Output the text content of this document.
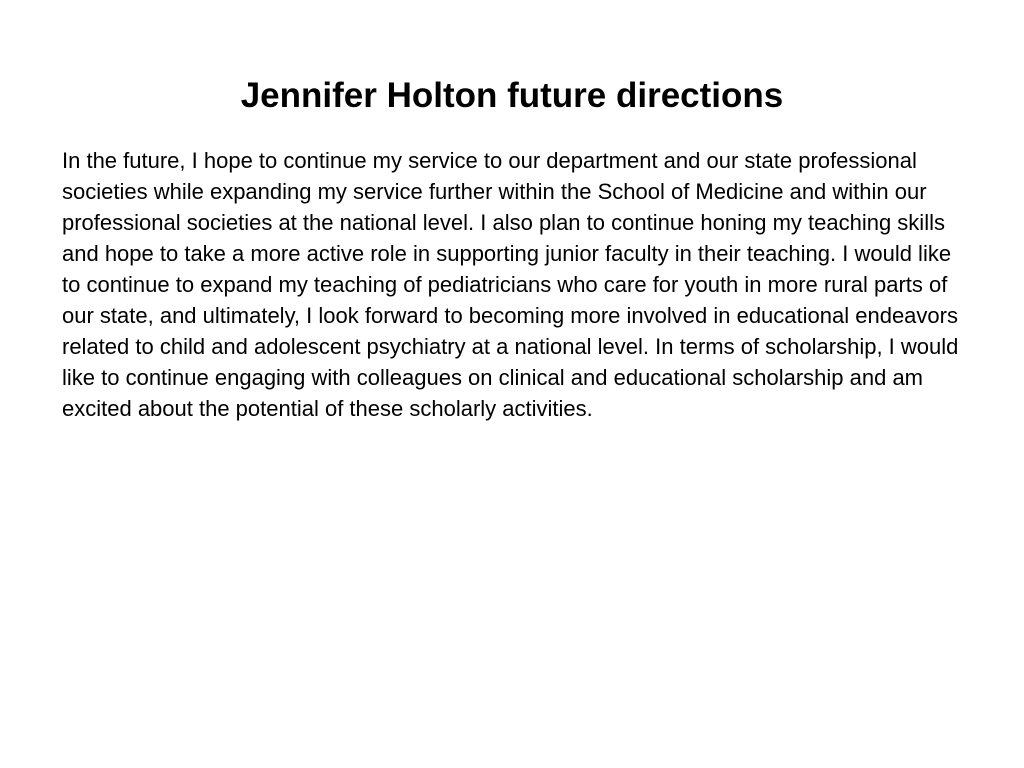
Jennifer Holton future directions

In the future, I hope to continue my service to our department and our state professional societies while expanding my service further within the School of Medicine and within our professional societies at the national level. I also plan to continue honing my teaching skills and hope to take a more active role in supporting junior faculty in their teaching. I would like to continue to expand my teaching of pediatricians who care for youth in more rural parts of our state, and ultimately, I look forward to becoming more involved in educational endeavors related to child and adolescent psychiatry at a national level. In terms of scholarship, I would like to continue engaging with colleagues on clinical and educational scholarship and am excited about the potential of these scholarly activities.
